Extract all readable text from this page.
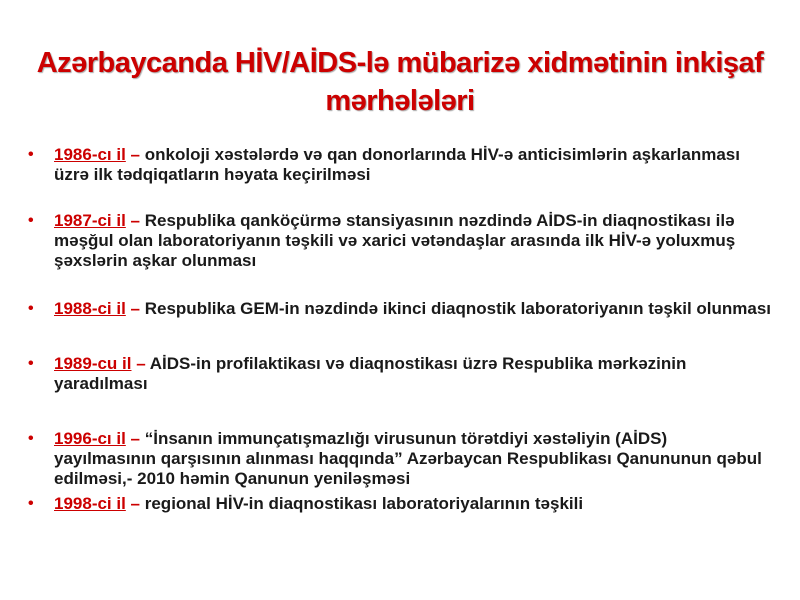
Azərbaycanda HİV/AİDS-lə mübarizə xidmətinin inkişaf mərhələləri
• 1986-cı il – onkoloji xəstələrdə və qan donorlarında HİV-ə anticisimlərin aşkarlanması üzrə ilk tədqiqatların həyata keçirilməsi
• 1987-ci il – Respublika qanköçürmə stansiyasının nəzdində AİDS-in diaqnostikası ilə məşğul olan laboratoriyanın təşkili və xarici vətəndaşlar arasında ilk HİV-ə yoluxmuş şəxslərin aşkar olunması
• 1988-ci il – Respublika GEM-in nəzdində ikinci diaqnostik laboratoriyanın təşkil olunması
• 1989-cu il – AİDS-in profilaktikası və diaqnostikası üzrə Respublika mərkəzinin yaradılması
• 1996-cı il – “İnsanın immunçatışmazlığı virusunun törətdiyi xəstəliyin (AİDS) yayılmasının qarşısının alınması haqqında” Azərbaycan Respublikası Qanununun qəbul edilməsi,- 2010 həmin Qanunun yeniləşməsi
• 1998-ci il – regional HİV-in diaqnostikası laboratoriyalarının təşkili
